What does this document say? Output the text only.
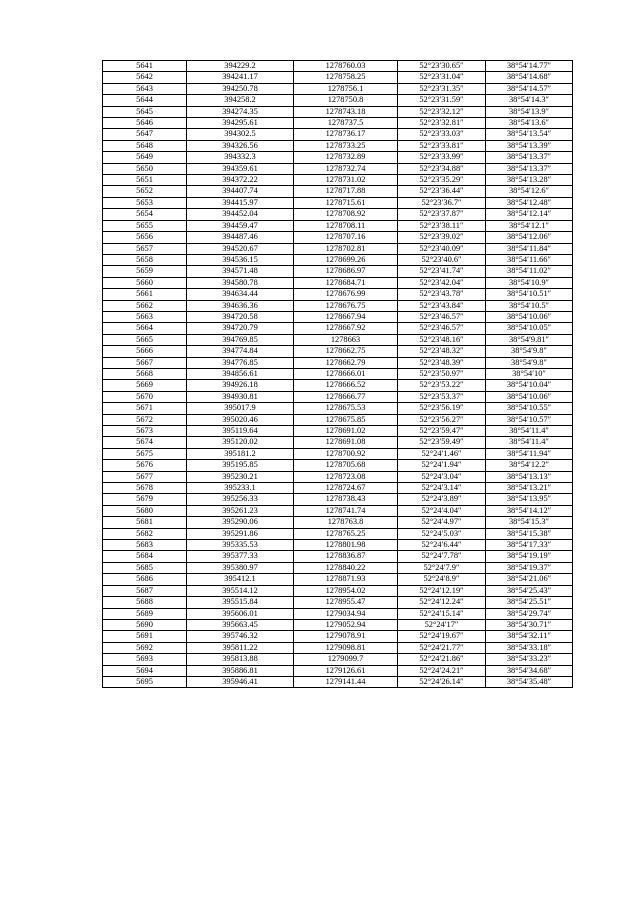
5641	394229.2	1278760.03	52°23′30.65″	38°54′14.77″
5642	394241.17	1278758.25	52°23′31.04″	38°54′14.68″
5643	394250.78	1278756.1	52°23′31.35″	38°54′14.57″
5644	394258.2	1278750.8	52°23′31.59″	38°54′14.3″
5645	394274.35	1278743.18	52°23′32.12″	38°54′13.9″
5646	394295.61	1278737.5	52°23′32.81″	38°54′13.6″
5647	394302.5	1278736.17	52°23′33.03″	38°54′13.54″
5648	394326.56	1278733.25	52°23′33.81″	38°54′13.39″
5649	394332.3	1278732.89	52°23′33.99″	38°54′13.37″
5650	394359.61	1278732.74	52°23′34.88″	38°54′13.37″
5651	394372.22	1278731.02	52°23′35.29″	38°54′13.28″
5652	394407.74	1278717.88	52°23′36.44″	38°54′12.6″
5653	394415.97	1278715.61	52°23′36.7″	38°54′12.48″
5654	394452.04	1278708.92	52°23′37.87″	38°54′12.14″
5655	394459.47	1278708.11	52°23′38.11″	38°54′12.1″
5656	394487.46	1278707.16	52°23′39.02″	38°54′12.06″
5657	394520.67	1278702.81	52°23′40.09″	38°54′11.84″
5658	394536.15	1278699.26	52°23′40.6″	38°54′11.66″
5659	394571.48	1278686.97	52°23′41.74″	38°54′11.02″
5660	394580.78	1278684.71	52°23′42.04″	38°54′10.9″
5661	394634.44	1278676.99	52°23′43.78″	38°54′10.51″
5662	394636.36	1278676.75	52°23′43.84″	38°54′10.5″
5663	394720.58	1278667.94	52°23′46.57″	38°54′10.06″
5664	394720.79	1278667.92	52°23′46.57″	38°54′10.05″
5665	394769.85	1278663	52°23′48.16″	38°54′9.81″
5666	394774.84	1278662.75	52°23′48.32″	38°54′9.8″
5667	394776.85	1278662.79	52°23′48.39″	38°54′9.8″
5668	394856.61	1278666.01	52°23′50.97″	38°54′10″
5669	394926.18	1278666.52	52°23′53.22″	38°54′10.04″
5670	394930.81	1278666.77	52°23′53.37″	38°54′10.06″
5671	395017.9	1278675.53	52°23′56.19″	38°54′10.55″
5672	395020.46	1278675.85	52°23′56.27″	38°54′10.57″
5673	395119.64	1278691.02	52°23′59.47″	38°54′11.4″
5674	395120.02	1278691.08	52°23′59.49″	38°54′11.4″
5675	395181.2	1278700.92	52°24′1.46″	38°54′11.94″
5676	395195.85	1278705.68	52°24′1.94″	38°54′12.2″
5677	395230.21	1278723.08	52°24′3.04″	38°54′13.13″
5678	395233.1	1278724.67	52°24′3.14″	38°54′13.21″
5679	395256.33	1278738.43	52°24′3.89″	38°54′13.95″
5680	395261.23	1278741.74	52°24′4.04″	38°54′14.12″
5681	395290.06	1278763.8	52°24′4.97″	38°54′15.3″
5682	395291.86	1278765.25	52°24′5.03″	38°54′15.38″
5683	395335.53	1278801.98	52°24′6.44″	38°54′17.33″
5684	395377.33	1278836.87	52°24′7.78″	38°54′19.19″
5685	395380.97	1278840.22	52°24′7.9″	38°54′19.37″
5686	395412.1	1278871.93	52°24′8.9″	38°54′21.06″
5687	395514.12	1278954.02	52°24′12.19″	38°54′25.43″
5688	395515.84	1278955.47	52°24′12.24″	38°54′25.51″
5689	395606.01	1279034.94	52°24′15.14″	38°54′29.74″
5690	395663.45	1279052.94	52°24′17″	38°54′30.71″
5691	395746.32	1279078.91	52°24′19.67″	38°54′32.11″
5692	395811.22	1279098.81	52°24′21.77″	38°54′33.18″
5693	395813.88	1279099.7	52°24′21.86″	38°54′33.23″
5694	395886.81	1279126.61	52°24′24.21″	38°54′34.68″
5695	395946.41	1279141.44	52°24′26.14″	38°54′35.48″
